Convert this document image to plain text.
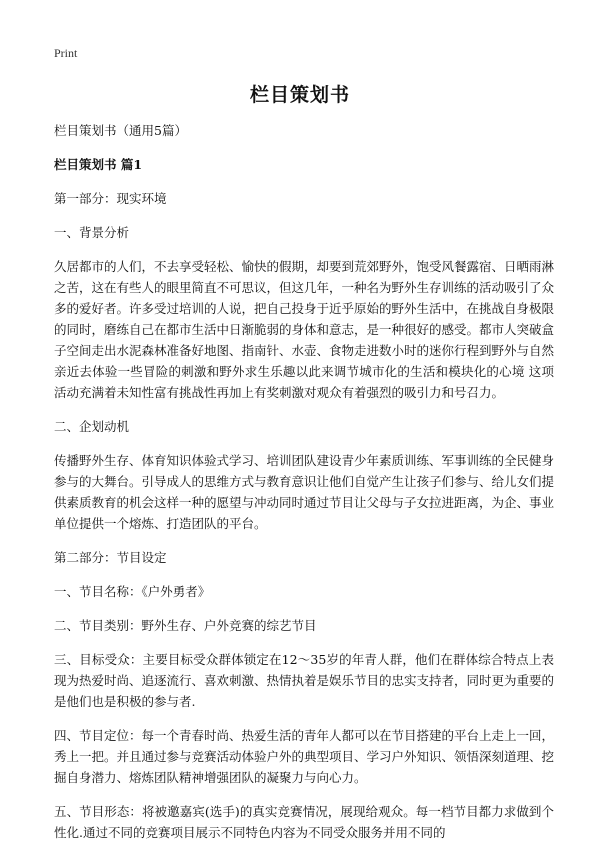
Print
栏目策划书

栏目策划书（通用5篇）

栏目策划书 篇1

第一部分：现实环境

一、背景分析

久居都市的人们，不去享受轻松、愉快的假期，却要到荒郊野外，饱受风餐露宿、日晒雨淋之苦，这在有些人的眼里简直不可思议，但这几年，一种名为野外生存训练的活动吸引了众多的爱好者。许多受过培训的人说，把自己投身于近乎原始的野外生活中，在挑战自身极限的同时，磨练自己在都市生活中日渐脆弱的身体和意志，是一种很好的感受。都市人突破盒子空间走出水泥森林准备好地图、指南针、水壶、食物走进数小时的迷你行程到野外与自然亲近去体验一些冒险的刺激和野外求生乐趣以此来调节城市化的生活和模块化的心境 这项活动充满着未知性富有挑战性再加上有奖刺激对观众有着强烈的吸引力和号召力。

二、企划动机

传播野外生存、体育知识体验式学习、培训团队建设青少年素质训练、军事训练的全民健身参与的大舞台。引导成人的思维方式与教育意识让他们自觉产生让孩子们参与、给儿女们提供素质教育的机会这样一种的愿望与冲动同时通过节目让父母与子女拉进距离，为企、事业单位提供一个熔炼、打造团队的平台。

第二部分：节目设定

一、节目名称：《户外勇者》

二、节目类别：野外生存、户外竞赛的综艺节目

三、目标受众：主要目标受众群体锁定在12～35岁的年青人群，他们在群体综合特点上表现为热爱时尚、追逐流行、喜欢刺激、热情执着是娱乐节目的忠实支持者，同时更为重要的是他们也是积极的参与者.

四、节目定位：每一个青春时尚、热爱生活的青年人都可以在节目搭建的平台上走上一回，秀上一把。并且通过参与竞赛活动体验户外的典型项目、学习户外知识、领悟深刻道理、挖掘自身潜力、熔炼团队精神增强团队的凝聚力与向心力。

五、节目形态：将被邀嘉宾(选手)的真实竞赛情况，展现给观众。每一档节目都力求做到个性化.通过不同的竞赛项目展示不同特色内容为不同受众服务并用不同的
